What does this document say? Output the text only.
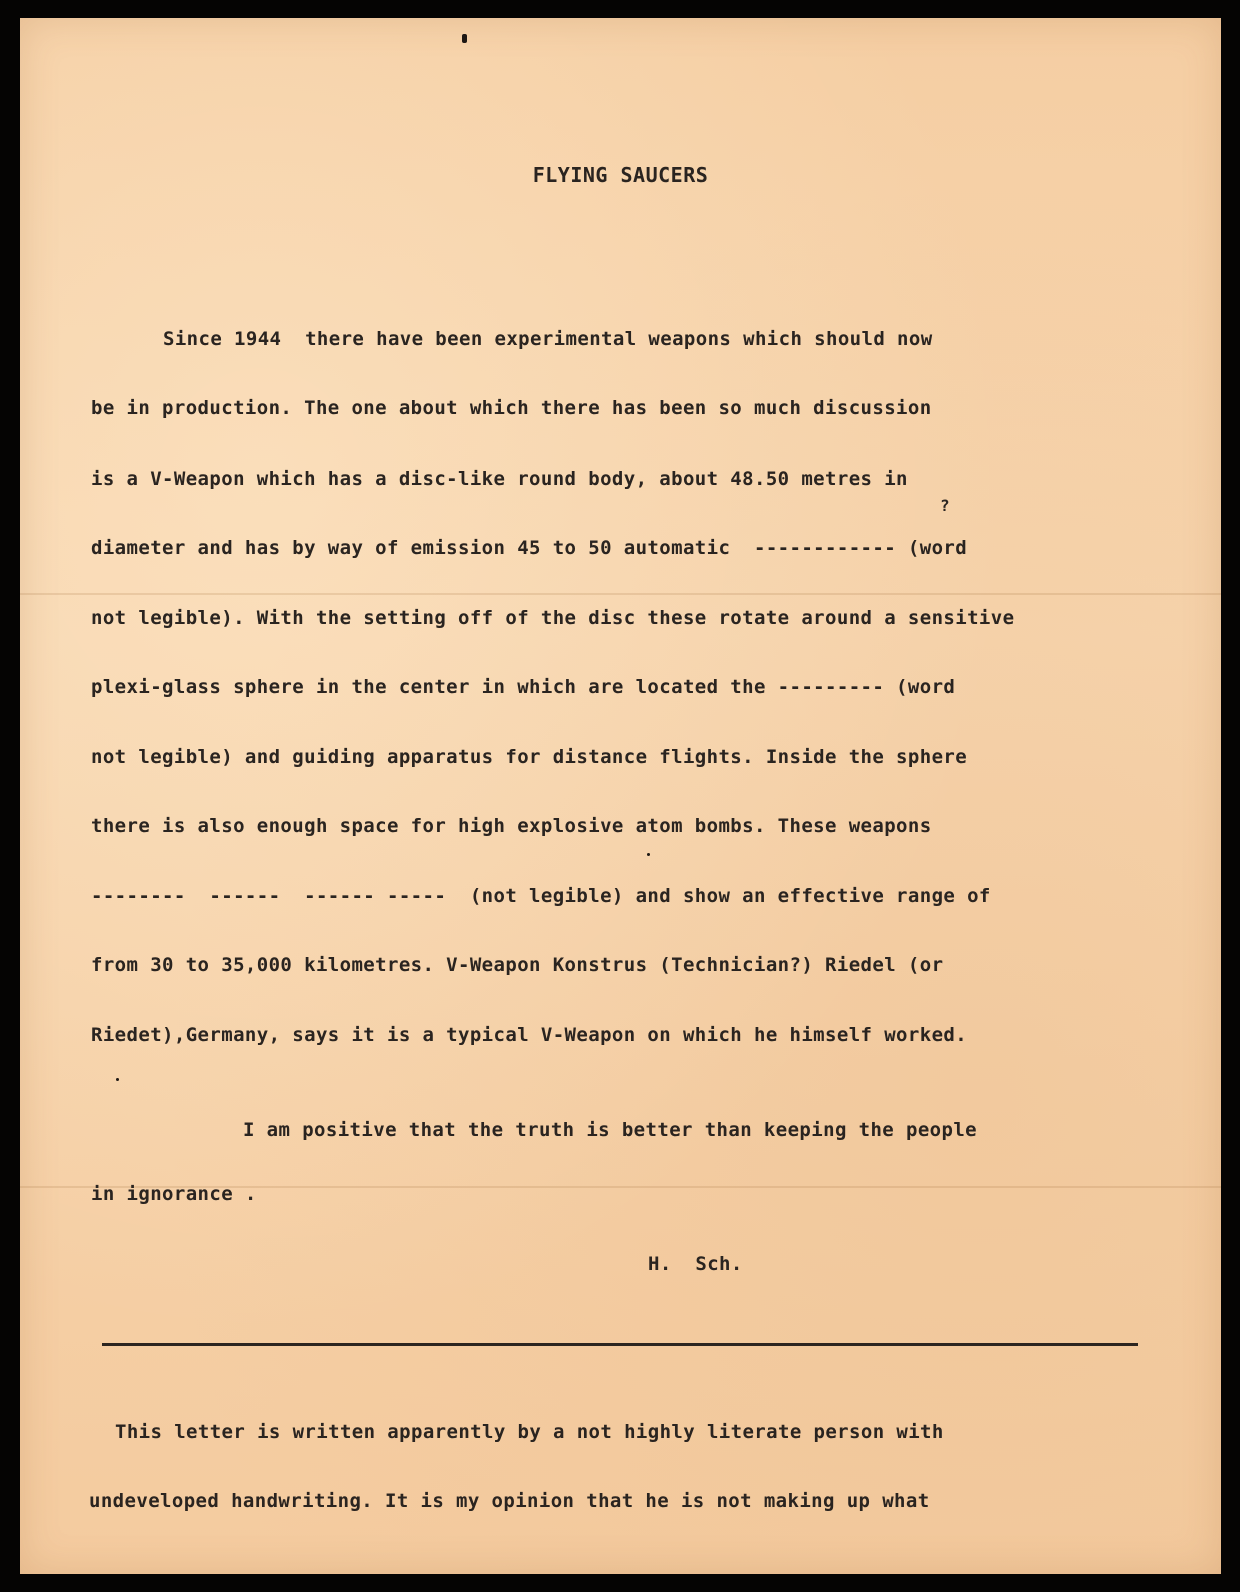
FLYING SAUCERS
Since 1944  there have been experimental weapons which should now
be in production. The one about which there has been so much discussion
is a V-Weapon which has a disc-like round body, about 48.50 metres in
?
diameter and has by way of emission 45 to 50 automatic  ------------ (word
not legible). With the setting off of the disc these rotate around a sensitive
plexi-glass sphere in the center in which are located the --------- (word
not legible) and guiding apparatus for distance flights. Inside the sphere
there is also enough space for high explosive atom bombs. These weapons
--------  ------  ------ -----  (not legible) and show an effective range of
from 30 to 35,000 kilometres. V-Weapon Konstrus (Technician?) Riedel (or
Riedet),Germany, says it is a typical V-Weapon on which he himself worked.
I am positive that the truth is better than keeping the people
in ignorance .
H.  Sch.
This letter is written apparently by a not highly literate person with
undeveloped handwriting. It is my opinion that he is not making up what
